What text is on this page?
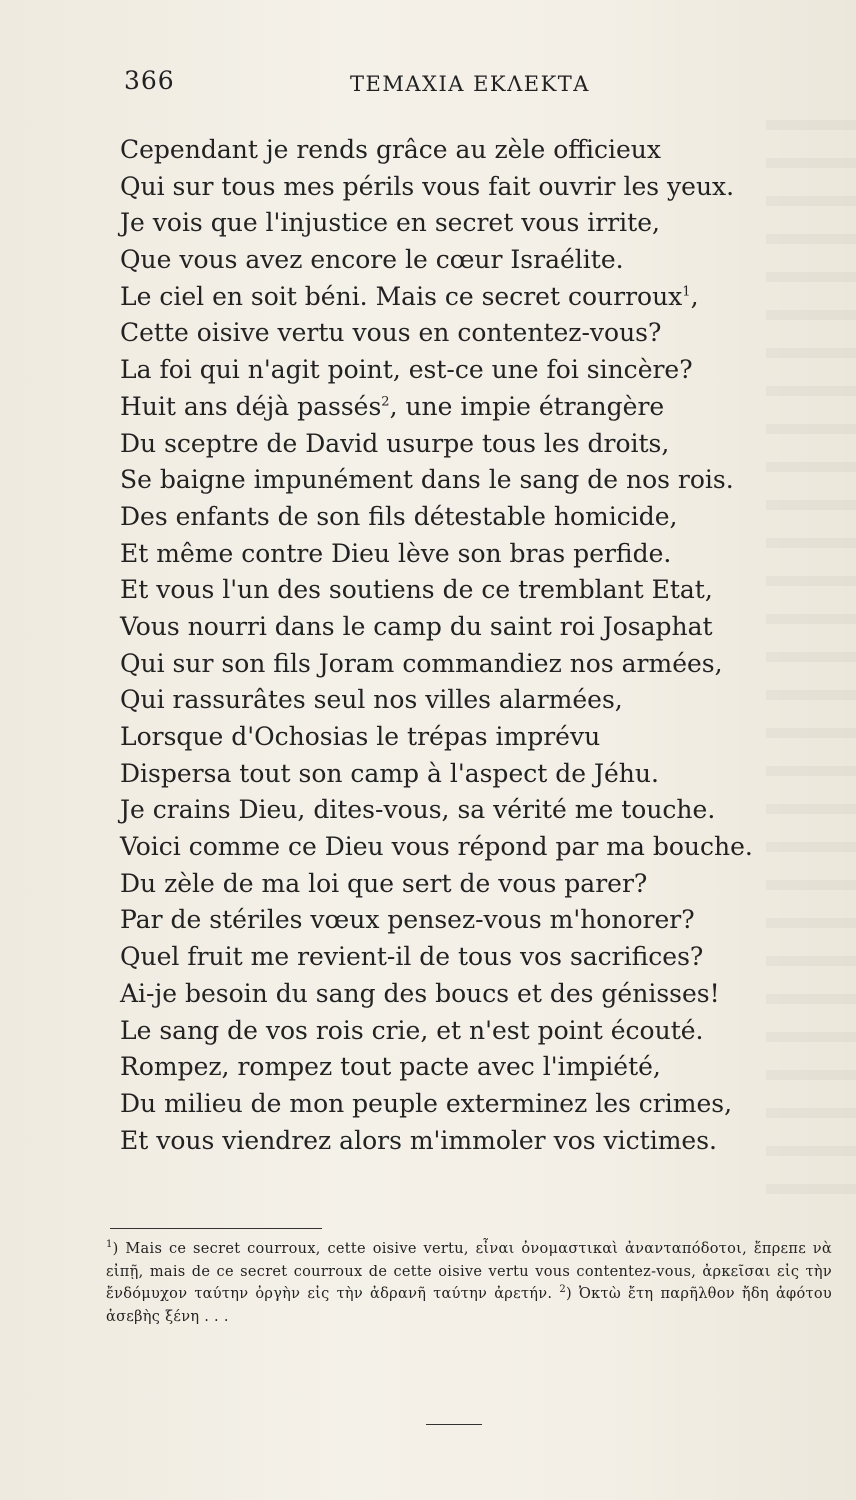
366	ΤΕΜΑΧΙΑ ΕΚΛΕΚΤΑ
Cependant je rends grâce au zèle officieux
Qui sur tous mes périls vous fait ouvrir les yeux.
Je vois que l'injustice en secret vous irrite,
Que vous avez encore le cœur Israélite.
Le ciel en soit béni. Mais ce secret courroux$^1$,
Cette oisive vertu vous en contentez-vous?
La foi qui n'agit point, est-ce une foi sincère?
Huit ans déjà passés$^2$, une impie étrangère
Du sceptre de David usurpe tous les droits,
Se baigne impunément dans le sang de nos rois.
Des enfants de son fils détestable homicide,
Et même contre Dieu lève son bras perfide.
Et vous l'un des soutiens de ce tremblant Etat,
Vous nourri dans le camp du saint roi Josaphat
Qui sur son fils Joram commandiez nos armées,
Qui rassurâtes seul nos villes alarmées,
Lorsque d'Ochosias le trépas imprévu
Dispersa tout son camp à l'aspect de Jéhu.
Je crains Dieu, dites-vous, sa vérité me touche.
Voici comme ce Dieu vous répond par ma bouche.
Du zèle de ma loi que sert de vous parer?
Par de stériles vœux pensez-vous m'honorer?
Quel fruit me revient-il de tous vos sacrifices?
Ai-je besoin du sang des boucs et des génisses!
Le sang de vos rois crie, et n'est point écouté.
Rompez, rompez tout pacte avec l'impiété,
Du milieu de mon peuple exterminez les crimes,
Et vous viendrez alors m'immoler vos victimes.
$^1$) Mais ce secret courroux, cette oisive vertu, εἶναι ὀνομαστικαὶ ἀνανταπόδοτοι, ἔπρεπε νὰ εἰπῇ, mais de ce secret courroux de cette oisive vertu vous contentez-vous, ἀρκεῖσαι εἰς τὴν ἔνδόμυχον ταύτην ὀργὴν εἰς τὴν ἀδρανῆ ταύτην ἀρετήν. $^2$) Ὀκτὼ ἔτη παρῆλθον ἤδη ἀφότου ἀσεβὴς ξένη . . .
